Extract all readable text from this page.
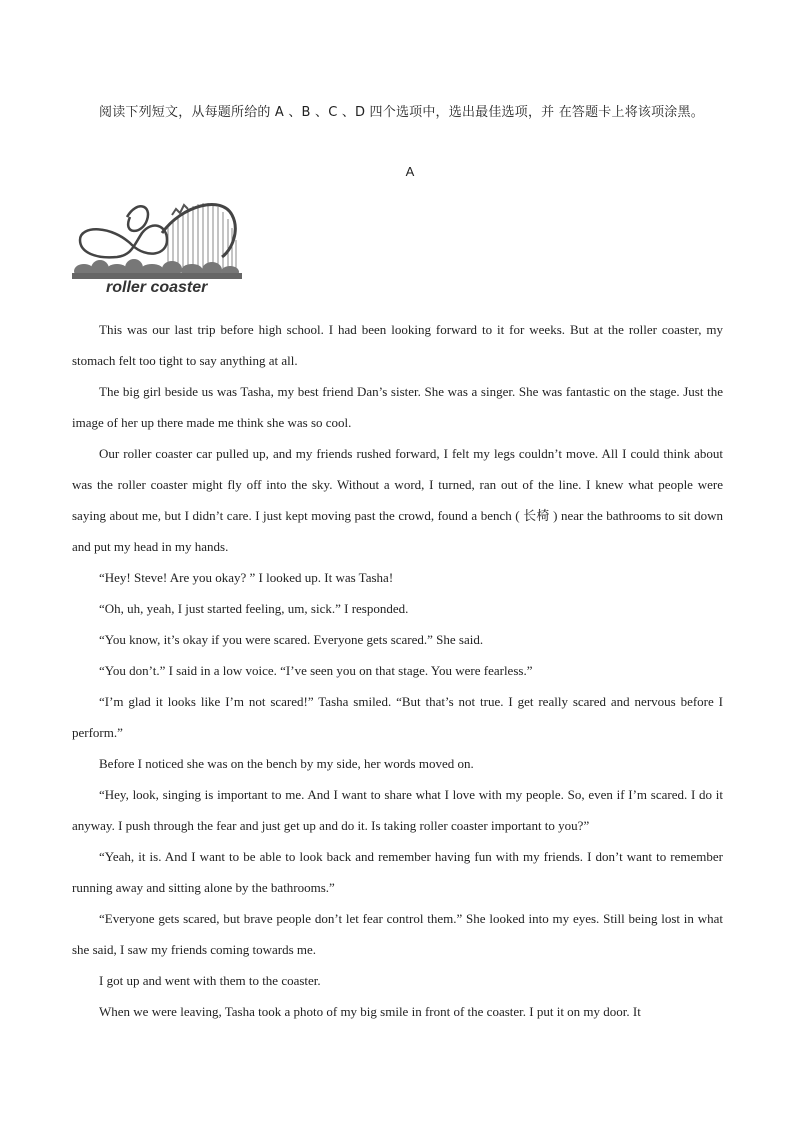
阅读下列短文，从每题所给的 A 、B 、C 、D 四个选项中，选出最佳选项，并 在答题卡上将该项涂黑。
A
roller coaster

This was our last trip before high school. I had been looking forward to it for weeks. But at the roller coaster, my stomach felt too tight to say anything at all.

The big girl beside us was Tasha, my best friend Dan’s sister. She was a singer. She was fantastic on the stage. Just the image of her up there made me think she was so cool.

Our roller coaster car pulled up, and my friends rushed forward, I felt my legs couldn’t move. All I could think about was the roller coaster might fly off into the sky. Without a word, I turned, ran out of the line. I knew what people were saying about me, but I didn’t care. I just kept moving past the crowd, found a bench ( 长椅 ) near the bathrooms to sit down and put my head in my hands.

“Hey! Steve! Are you okay? ” I looked up. It was Tasha!

“Oh, uh, yeah, I just started feeling, um, sick.” I responded.

“You know, it’s okay if you were scared. Everyone gets scared.” She said.

“You don’t.” I said in a low voice. “I’ve seen you on that stage. You were fearless.”

“I’m glad it looks like I’m not scared!” Tasha smiled. “But that’s not true. I get really scared and nervous before I perform.”

Before I noticed she was on the bench by my side, her words moved on.

“Hey, look, singing is important to me. And I want to share what I love with my people. So, even if I’m scared. I do it anyway. I push through the fear and just get up and do it. Is taking roller coaster important to you?”

“Yeah, it is. And I want to be able to look back and remember having fun with my friends. I don’t want to remember running away and sitting alone by the bathrooms.”

“Everyone gets scared, but brave people don’t let fear control them.” She looked into my eyes. Still being lost in what she said, I saw my friends coming towards me.

I got up and went with them to the coaster.

When we were leaving, Tasha took a photo of my big smile in front of the coaster. I put it on my door. It
